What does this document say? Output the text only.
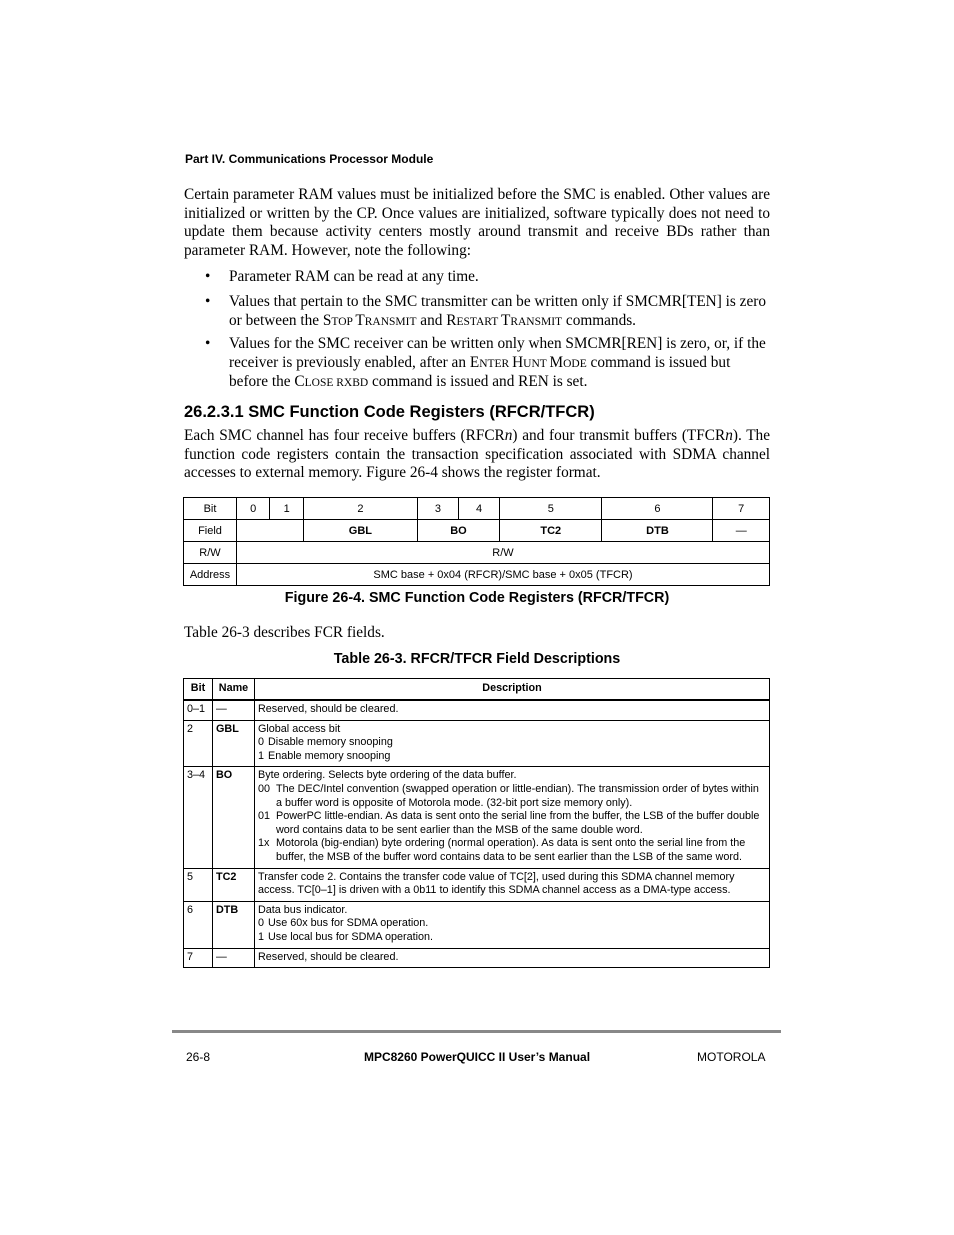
Part IV. Communications Processor Module

Certain parameter RAM values must be initialized before the SMC is enabled. Other values are initialized or written by the CP. Once values are initialized, software typically does not need to update them because activity centers mostly around transmit and receive BDs rather than parameter RAM. However, note the following:

• Parameter RAM can be read at any time.
• Values that pertain to the SMC transmitter can be written only if SMCMR[TEN] is zero or between the STOP TRANSMIT and RESTART TRANSMIT commands.
• Values for the SMC receiver can be written only when SMCMR[REN] is zero, or, if the receiver is previously enabled, after an ENTER HUNT MODE command is issued but before the CLOSE RXBD command is issued and REN is set.
26.2.3.1 SMC Function Code Registers (RFCR/TFCR)

Each SMC channel has four receive buffers (RFCRn) and four transmit buffers (TFCRn). The function code registers contain the transaction specification associated with SDMA channel accesses to external memory. Figure 26-4 shows the register format.

Bit	0	1	2	3	4	5	6	7
Field			GBL	BO		TC2	DTB	—
R/W	R/W							
Address	SMC base + 0x04 (RFCR)/SMC base + 0x05 (TFCR)							
Figure 26-4. SMC Function Code Registers (RFCR/TFCR)

Table 26-3 describes FCR fields.

Table 26-3. RFCR/TFCR Field Descriptions
Bit	Name	Description
0–1	—	Reserved, should be cleared.

2	GBL	Global access bit
0 Disable memory snooping
1 Enable memory snooping

3–4	BO	Byte ordering. Selects byte ordering of the data buffer.
00 The DEC/Intel convention (swapped operation or little-endian). The transmission order of bytes within a buffer word is opposite of Motorola mode. (32-bit port size memory only).
01 PowerPC little-endian. As data is sent onto the serial line from the buffer, the LSB of the buffer double word contains data to be sent earlier than the MSB of the same double word.
1x Motorola (big-endian) byte ordering (normal operation). As data is sent onto the serial line from the buffer, the MSB of the buffer word contains data to be sent earlier than the LSB of the same word.

5	TC2	Transfer code 2. Contains the transfer code value of TC[2], used during this SDMA channel memory access. TC[0–1] is driven with a 0b11 to identify this SDMA channel access as a DMA-type access.

6	DTB	Data bus indicator.
0 Use 60x bus for SDMA operation.
1 Use local bus for SDMA operation.

7	—	Reserved, should be cleared.
26-8	MPC8260 PowerQUICC II User’s Manual	MOTOROLA
